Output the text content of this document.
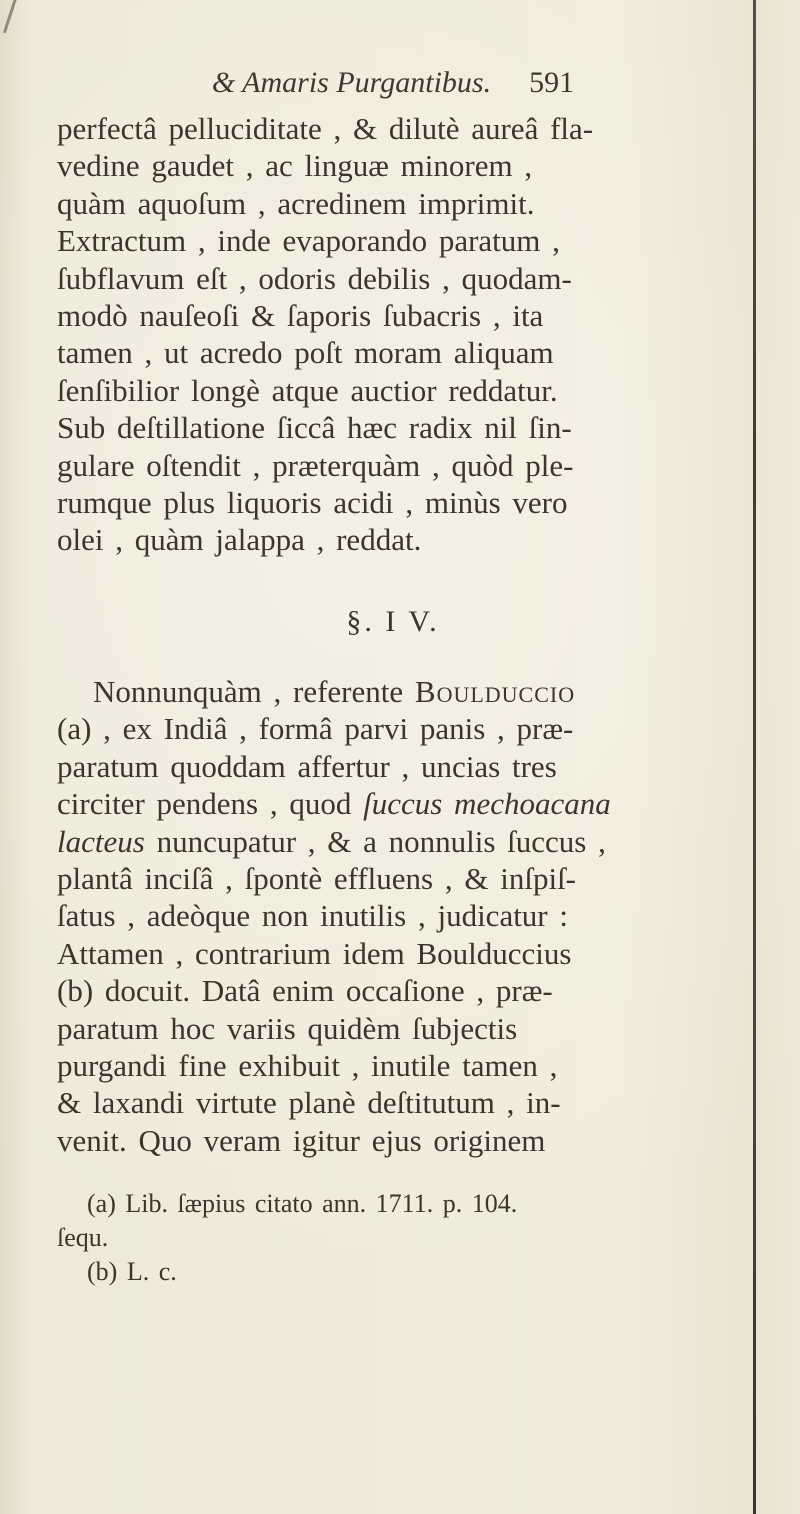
& Amaris Purgantibus. 591
perfectâ pelluciditate , & dilutè aureâ fla-
vedine gaudet , ac linguæ minorem ,
quàm aquoſum , acredinem imprimit.
Extractum , inde evaporando paratum ,
ſubflavum eſt , odoris debilis , quodam-
modò nauſeoſi & ſaporis ſubacris , ita
tamen , ut acredo poſt moram aliquam
ſenſibilior longè atque auctior reddatur.
Sub deſtillatione ſiccâ hæc radix nil ſin-
gulare oſtendit , præterquàm , quòd ple-
rumque plus liquoris acidi , minùs vero
olei , quàm jalappa , reddat.
§. I V.
Nonnunquàm , referente Boulduccio
(a) , ex Indiâ , formâ parvi panis , præ-
paratum quoddam affertur , uncias tres
circiter pendens , quod ſuccus mechoacana
lacteus nuncupatur , & a nonnulis ſuccus ,
plantâ inciſâ , ſpontè effluens , & inſpiſ-
ſatus , adeòque non inutilis , judicatur :
Attamen , contrarium idem Boulduccius
(b) docuit. Datâ enim occaſione , præ-
paratum hoc variis quidèm ſubjectis
purgandi fine exhibuit , inutile tamen ,
& laxandi virtute planè deſtitutum , in-
venit. Quo veram igitur ejus originem
(a) Lib. ſæpius citato ann. 1711. p. 104.
ſequ.
(b) L. c.
